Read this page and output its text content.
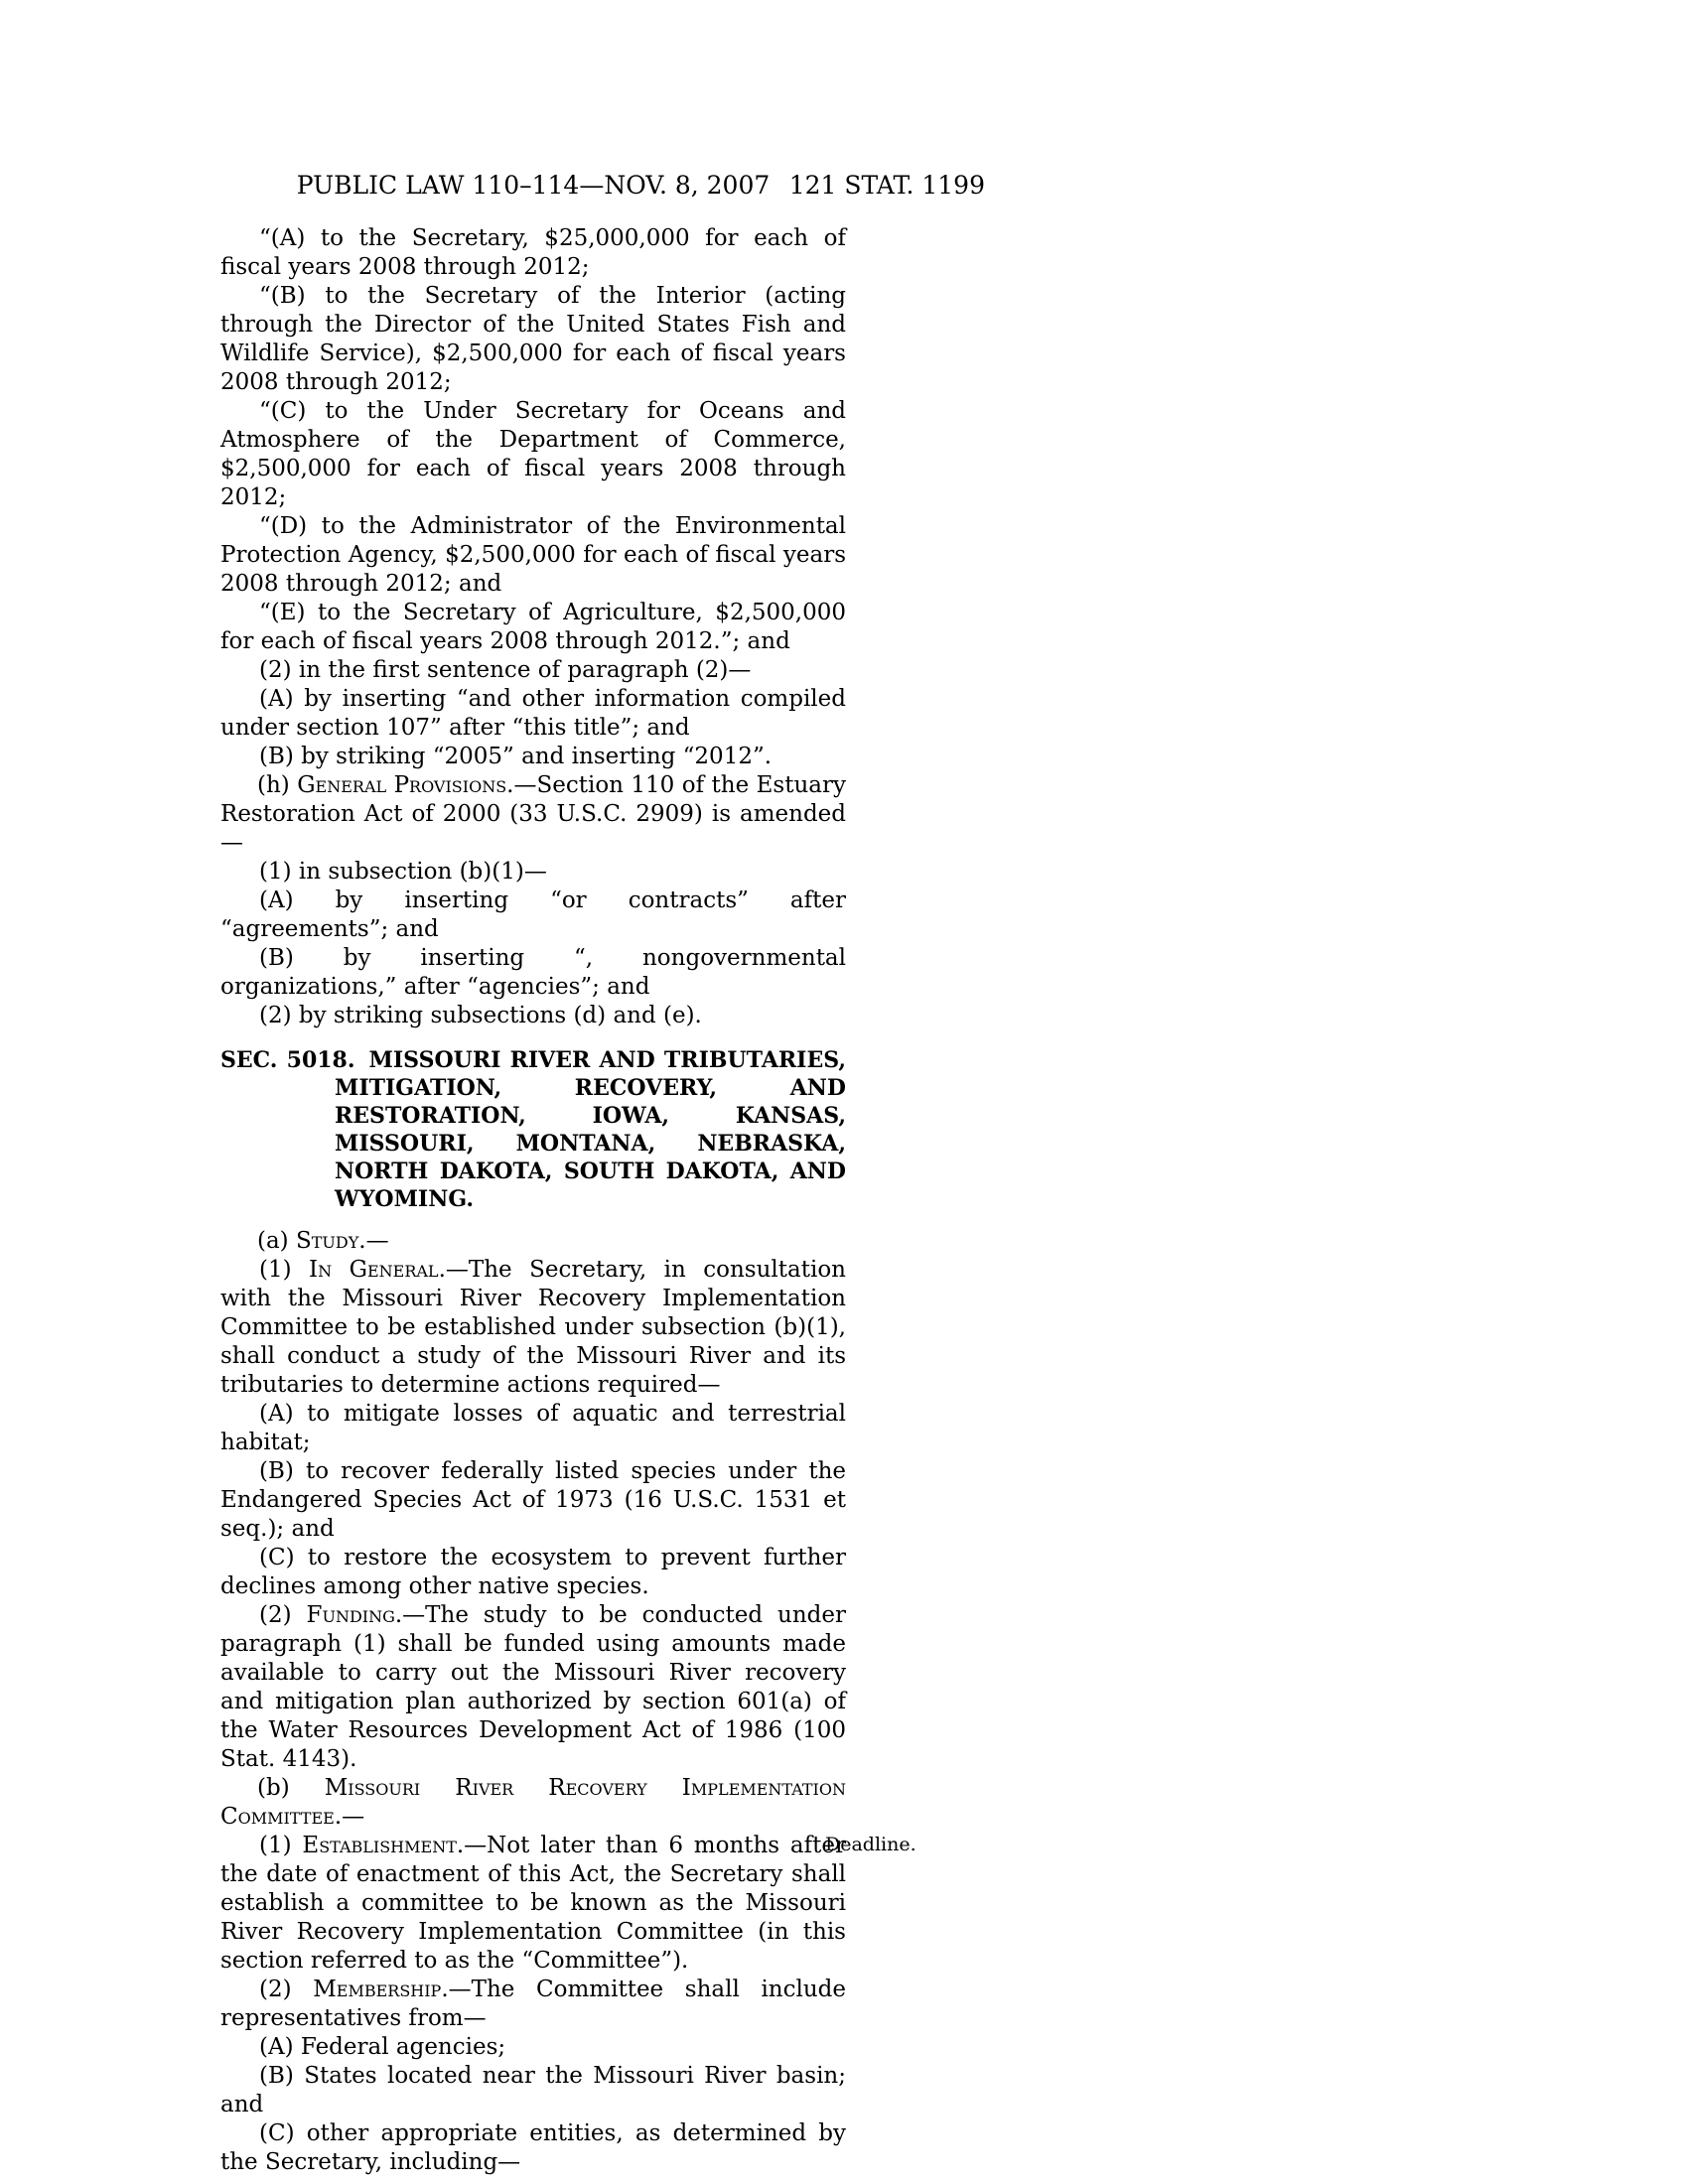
PUBLIC LAW 110–114—NOV. 8, 2007 121 STAT. 1199

“(A) to the Secretary, $25,000,000 for each of fiscal years 2008 through 2012;

“(B) to the Secretary of the Interior (acting through the Director of the United States Fish and Wildlife Service), $2,500,000 for each of fiscal years 2008 through 2012;

“(C) to the Under Secretary for Oceans and Atmosphere of the Department of Commerce, $2,500,000 for each of fiscal years 2008 through 2012;

“(D) to the Administrator of the Environmental Protection Agency, $2,500,000 for each of fiscal years 2008 through 2012; and

“(E) to the Secretary of Agriculture, $2,500,000 for each of fiscal years 2008 through 2012.”; and

(2) in the first sentence of paragraph (2)—

(A) by inserting “and other information compiled under section 107” after “this title”; and

(B) by striking “2005” and inserting “2012”.

(h) General Provisions.—Section 110 of the Estuary Restoration Act of 2000 (33 U.S.C. 2909) is amended—

(1) in subsection (b)(1)—

(A) by inserting “or contracts” after “agreements”; and

(B) by inserting “, nongovernmental organizations,” after “agencies”; and

(2) by striking subsections (d) and (e).

SEC. 5018. MISSOURI RIVER AND TRIBUTARIES, MITIGATION, RECOVERY, AND RESTORATION, IOWA, KANSAS, MISSOURI, MONTANA, NEBRASKA, NORTH DAKOTA, SOUTH DAKOTA, AND WYOMING.

(a) Study.—

(1) In General.—The Secretary, in consultation with the Missouri River Recovery Implementation Committee to be established under subsection (b)(1), shall conduct a study of the Missouri River and its tributaries to determine actions required—

(A) to mitigate losses of aquatic and terrestrial habitat;

(B) to recover federally listed species under the Endangered Species Act of 1973 (16 U.S.C. 1531 et seq.); and

(C) to restore the ecosystem to prevent further declines among other native species.

(2) Funding.—The study to be conducted under paragraph (1) shall be funded using amounts made available to carry out the Missouri River recovery and mitigation plan authorized by section 601(a) of the Water Resources Development Act of 1986 (100 Stat. 4143).

(b) Missouri River Recovery Implementation Committee.—

Deadline.
(1) Establishment.—Not later than 6 months after the date of enactment of this Act, the Secretary shall establish a committee to be known as the Missouri River Recovery Implementation Committee (in this section referred to as the “Committee”).

(2) Membership.—The Committee shall include representatives from—

(A) Federal agencies;

(B) States located near the Missouri River basin; and

(C) other appropriate entities, as determined by the Secretary, including—
